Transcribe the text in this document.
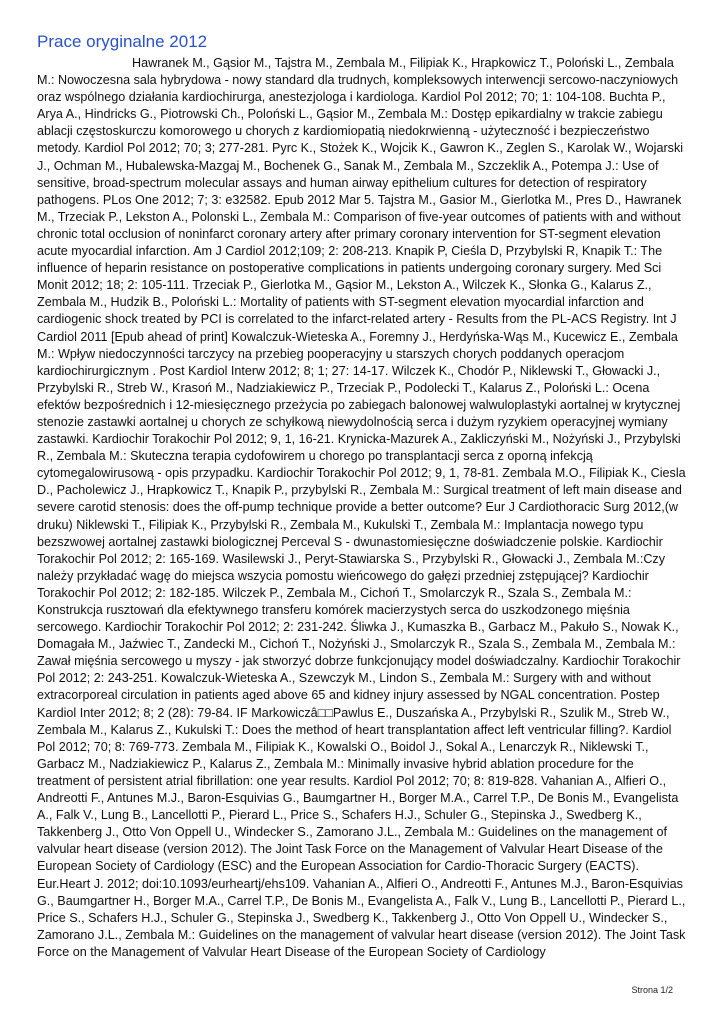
Prace oryginalne 2012

Hawranek M., Gąsior M., Tajstra M., Zembala M., Filipiak K., Hrapkowicz T., Poloński L., Zembala M.: Nowoczesna sala hybrydowa - nowy standard dla trudnych, kompleksowych interwencji sercowo-naczyniowych oraz wspólnego działania kardiochirurga, anestezjologa i kardiologa. Kardiol Pol 2012; 70; 1: 104-108. Buchta P., Arya A., Hindricks G., Piotrowski Ch., Poloński L., Gąsior M., Zembala M.: Dostęp epikardialny w trakcie zabiegu ablacji częstoskurczu komorowego u chorych z kardiomiopatią niedokrwienną - użyteczność i bezpieczeństwo metody. Kardiol Pol 2012; 70; 3; 277-281. Pyrc K., Stożek K., Wojcik K., Gawron K., Zeglen S., Karolak W., Wojarski J., Ochman M., Hubalewska-Mazgaj M., Bochenek G., Sanak M., Zembala M., Szczeklik A., Potempa J.: Use of sensitive, broad-spectrum molecular assays and human airway epithelium cultures for detection of respiratory pathogens. PLos One 2012; 7; 3: e32582. Epub 2012 Mar 5. Tajstra M., Gasior M., Gierlotka M., Pres D., Hawranek M., Trzeciak P., Lekston A., Polonski L., Zembala M.: Comparison of five-year outcomes of patients with and without chronic total occlusion of noninfarct coronary artery after primary coronary intervention for ST-segment elevation acute myocardial infarction. Am J Cardiol 2012;109; 2: 208-213. Knapik P, Cieśla D, Przybylski R, Knapik T.: The influence of heparin resistance on postoperative complications in patients undergoing coronary surgery. Med Sci Monit 2012; 18; 2: 105-111. Trzeciak P., Gierlotka M., Gąsior M., Lekston A., Wilczek K., Słonka G., Kalarus Z., Zembala M., Hudzik B., Poloński L.: Mortality of patients with ST-segment elevation myocardial infarction and cardiogenic shock treated by PCI is correlated to the infarct-related artery - Results from the PL-ACS Registry. Int J Cardiol 2011 [Epub ahead of print] Kowalczuk-Wieteska A., Foremny J., Herdyńska-Wąs M., Kucewicz E., Zembala M.: Wpływ niedoczynności tarczycy na przebieg pooperacyjny u starszych chorych poddanych operacjom kardiochirurgicznym . Post Kardiol Interw 2012; 8; 1; 27: 14-17. Wilczek K., Chodór P., Niklewski T., Głowacki J., Przybylski R., Streb W., Krasoń M., Nadziakiewicz P., Trzeciak P., Podolecki T., Kalarus Z., Poloński L.: Ocena efektów bezpośrednich i 12-miesięcznego przeżycia po zabiegach balonowej walwuloplastyki aortalnej w krytycznej stenozie zastawki aortalnej u chorych ze schyłkową niewydolnością serca i dużym ryzykiem operacyjnej wymiany zastawki. Kardiochir Torakochir Pol 2012; 9, 1, 16-21. Krynicka-Mazurek A., Zakliczyński M., Nożyński J., Przybylski R., Zembala M.: Skuteczna terapia cydofowirem u chorego po transplantacji serca z oporną infekcją cytomegalowirusową - opis przypadku. Kardiochir Torakochir Pol 2012; 9, 1, 78-81. Zembala M.O., Filipiak K., Ciesla D., Pacholewicz J., Hrapkowicz T., Knapik P., przybylski R., Zembala M.: Surgical treatment of left main disease and severe carotid stenosis: does the off-pump technique provide a better outcome? Eur J Cardiothoracic Surg 2012,(w druku) Niklewski T., Filipiak K., Przybylski R., Zembala M., Kukulski T., Zembala M.: Implantacja nowego typu bezszwowej aortalnej zastawki biologicznej Perceval S - dwunastomiesięczne doświadczenie polskie. Kardiochir Torakochir Pol 2012; 2: 165-169. Wasilewski J., Peryt-Stawiarska S., Przybylski R., Głowacki J., Zembala M.:Czy należy przykładać wagę do miejsca wszycia pomostu wieńcowego do gałęzi przedniej zstępującej? Kardiochir Torakochir Pol 2012; 2: 182-185. Wilczek P., Zembala M., Cichoń T., Smolarczyk R., Szala S., Zembala M.: Konstrukcja rusztowań dla efektywnego transferu komórek macierzystych serca do uszkodzonego mięśnia sercowego. Kardiochir Torakochir Pol 2012; 2: 231-242. Śliwka J., Kumaszka B., Garbacz M., Pakuło S., Nowak K., Domagała M., Jaźwiec T., Zandecki M., Cichoń T., Nożyński J., Smolarczyk R., Szala S., Zembala M., Zembala M.: Zawał mięśnia sercowego u myszy - jak stworzyć dobrze funkcjonujący model doświadczalny. Kardiochir Torakochir Pol 2012; 2: 243-251. Kowalczuk-Wieteska A., Szewczyk M., Lindon S., Zembala M.: Surgery with and without extracorporeal circulation in patients aged above 65 and kidney injury assessed by NGAL concentration. Postep Kardiol Inter 2012; 8; 2 (28): 79-84. IF Markowiczâ□□Pawlus E., Duszańska A., Przybylski R., Szulik M., Streb W., Zembala M., Kalarus Z., Kukulski T.: Does the method of heart transplantation affect left ventricular filling?. Kardiol Pol 2012; 70; 8: 769-773. Zembala M., Filipiak K., Kowalski O., Boidol J., Sokal A., Lenarczyk R., Niklewski T., Garbacz M., Nadziakiewicz P., Kalarus Z., Zembala M.: Minimally invasive hybrid ablation procedure for the treatment of persistent atrial fibrillation: one year results. Kardiol Pol 2012; 70; 8: 819-828. Vahanian A., Alfieri O., Andreotti F., Antunes M.J., Baron-Esquivias G., Baumgartner H., Borger M.A., Carrel T.P., De Bonis M., Evangelista A., Falk V., Lung B., Lancellotti P., Pierard L., Price S., Schafers H.J., Schuler G., Stepinska J., Swedberg K., Takkenberg J., Otto Von Oppell U., Windecker S., Zamorano J.L., Zembala M.: Guidelines on the management of valvular heart disease (version 2012). The Joint Task Force on the Management of Valvular Heart Disease of the European Society of Cardiology (ESC) and the European Association for Cardio-Thoracic Surgery (EACTS). Eur.Heart J. 2012; doi:10.1093/eurheartj/ehs109. Vahanian A., Alfieri O., Andreotti F., Antunes M.J., Baron-Esquivias G., Baumgartner H., Borger M.A., Carrel T.P., De Bonis M., Evangelista A., Falk V., Lung B., Lancellotti P., Pierard L., Price S., Schafers H.J., Schuler G., Stepinska J., Swedberg K., Takkenberg J., Otto Von Oppell U., Windecker S., Zamorano J.L., Zembala M.: Guidelines on the management of valvular heart disease (version 2012). The Joint Task Force on the Management of Valvular Heart Disease of the European Society of Cardiology

Strona 1/2
